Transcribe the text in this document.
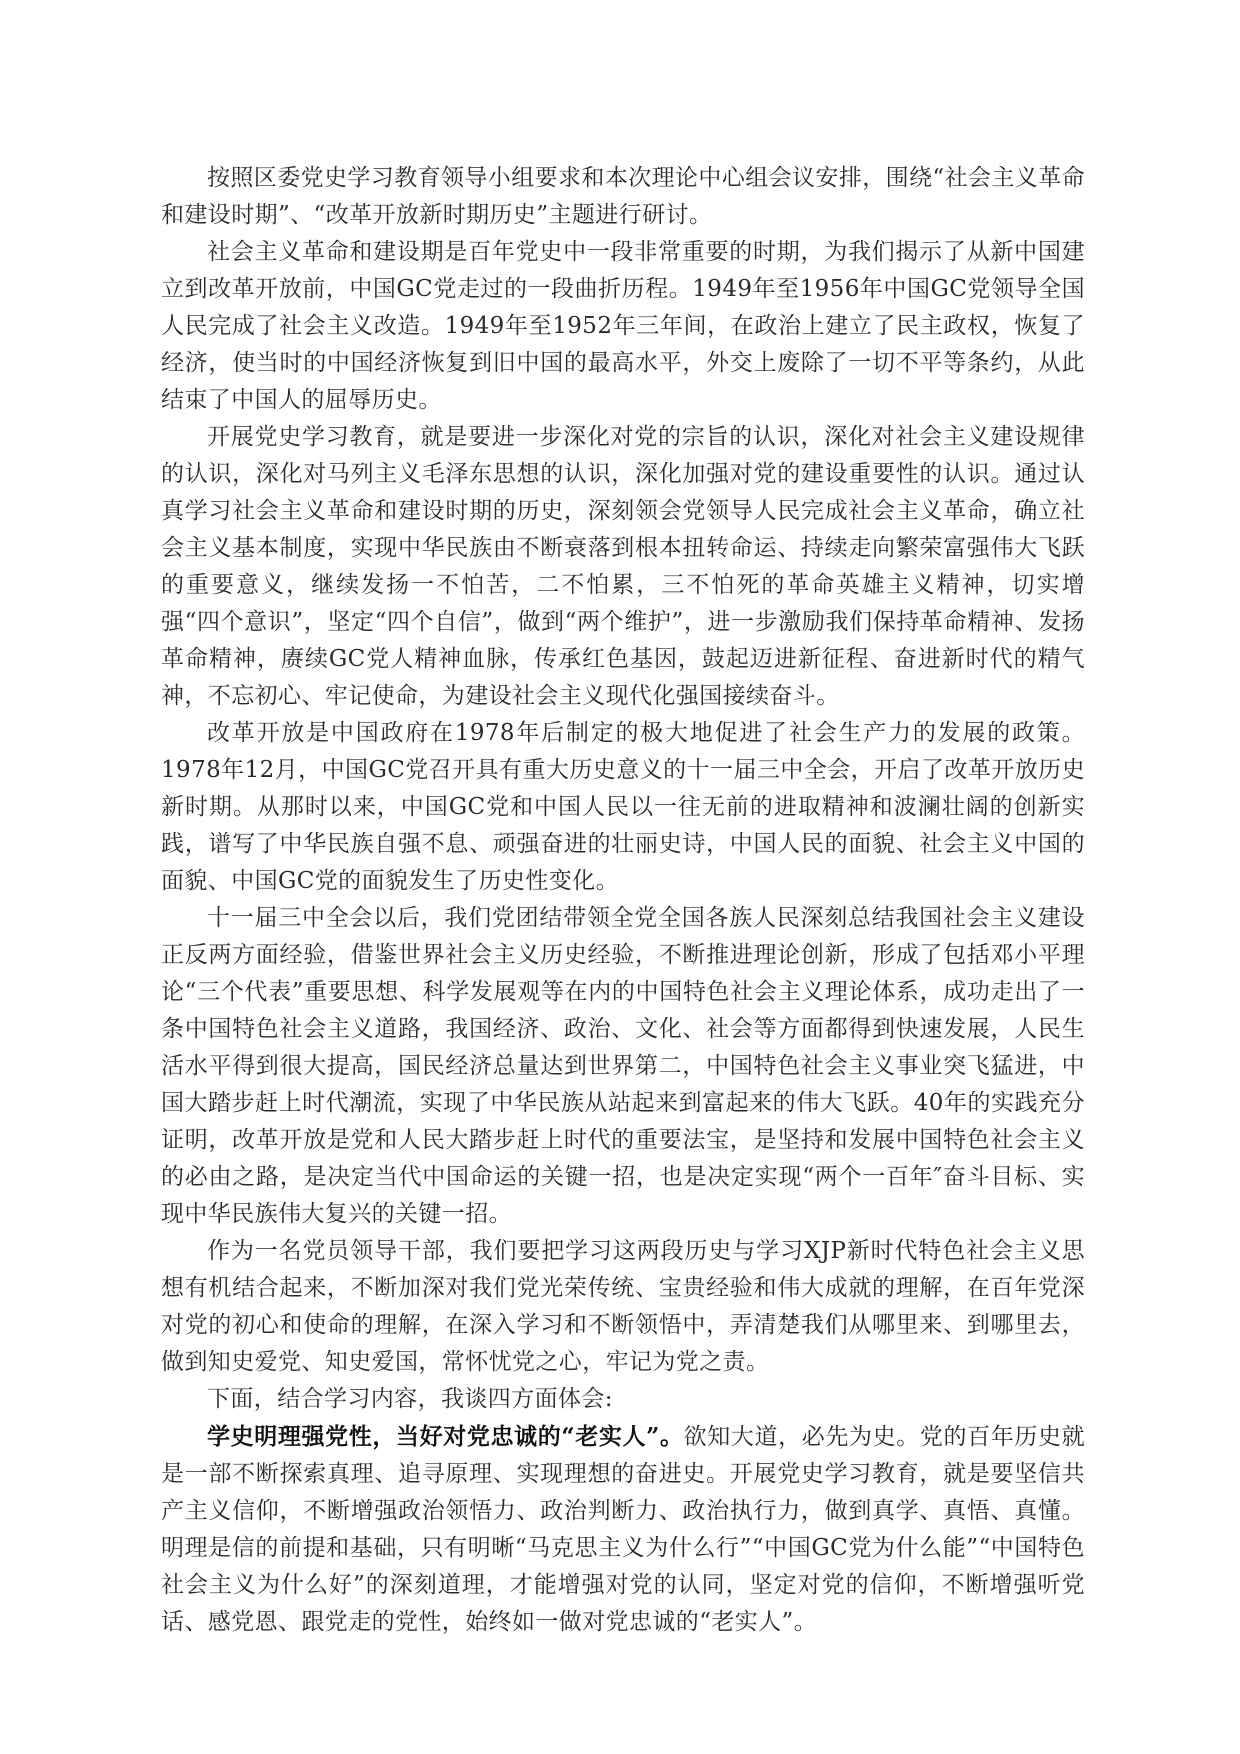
按照区委党史学习教育领导小组要求和本次理论中心组会议安排，围绕“社会主义革命和建设时期”、“改革开放新时期历史”主题进行研讨。

社会主义革命和建设期是百年党史中一段非常重要的时期，为我们揭示了从新中国建立到改革开放前，中国GC党走过的一段曲折历程。1949年至1956年中国GC党领导全国人民完成了社会主义改造。1949年至1952年三年间，在政治上建立了民主政权，恢复了经济，使当时的中国经济恢复到旧中国的最高水平，外交上废除了一切不平等条约，从此结束了中国人的屈辱历史。

开展党史学习教育，就是要进一步深化对党的宗旨的认识，深化对社会主义建设规律的认识，深化对马列主义毛泽东思想的认识，深化加强对党的建设重要性的认识。通过认真学习社会主义革命和建设时期的历史，深刻领会党领导人民完成社会主义革命，确立社会主义基本制度，实现中华民族由不断衰落到根本扭转命运、持续走向繁荣富强伟大飞跃的重要意义，继续发扬一不怕苦，二不怕累，三不怕死的革命英雄主义精神，切实增强“四个意识”，坚定“四个自信”，做到“两个维护”，进一步激励我们保持革命精神、发扬革命精神，赓续GC党人精神血脉，传承红色基因，鼓起迈进新征程、奋进新时代的精气神，不忘初心、牢记使命，为建设社会主义现代化强国接续奋斗。

改革开放是中国政府在1978年后制定的极大地促进了社会生产力的发展的政策。1978年12月，中国GC党召开具有重大历史意义的十一届三中全会，开启了改革开放历史新时期。从那时以来，中国GC党和中国人民以一往无前的进取精神和波澜壮阔的创新实践，谱写了中华民族自强不息、顽强奋进的壮丽史诗，中国人民的面貌、社会主义中国的面貌、中国GC党的面貌发生了历史性变化。

十一届三中全会以后，我们党团结带领全党全国各族人民深刻总结我国社会主义建设正反两方面经验，借鉴世界社会主义历史经验，不断推进理论创新，形成了包括邓小平理论“三个代表”重要思想、科学发展观等在内的中国特色社会主义理论体系，成功走出了一条中国特色社会主义道路，我国经济、政治、文化、社会等方面都得到快速发展，人民生活水平得到很大提高，国民经济总量达到世界第二，中国特色社会主义事业突飞猛进，中国大踏步赶上时代潮流，实现了中华民族从站起来到富起来的伟大飞跃。40年的实践充分证明，改革开放是党和人民大踏步赶上时代的重要法宝，是坚持和发展中国特色社会主义的必由之路，是决定当代中国命运的关键一招，也是决定实现“两个一百年″奋斗目标、实现中华民族伟大复兴的关键一招。

作为一名党员领导干部，我们要把学习这两段历史与学习XJP新时代特色社会主义思想有机结合起来，不断加深对我们党光荣传统、宝贵经验和伟大成就的理解，在百年党深对党的初心和使命的理解，在深入学习和不断领悟中，弄清楚我们从哪里来、到哪里去，做到知史爱党、知史爱国，常怀忧党之心，牢记为党之责。

下面，结合学习内容，我谈四方面体会:

学史明理强党性，当好对党忠诚的“老实人”。欲知大道，必先为史。党的百年历史就是一部不断探索真理、追寻原理、实现理想的奋进史。开展党史学习教育，就是要坚信共产主义信仰，不断增强政治领悟力、政治判断力、政治执行力，做到真学、真悟、真懂。明理是信的前提和基础，只有明晰“马克思主义为什么行”“中国GC党为什么能”“中国特色社会主义为什么好”的深刻道理，才能增强对党的认同，坚定对党的信仰，不断增强听党话、感党恩、跟党走的党性，始终如一做对党忠诚的“老实人”。
